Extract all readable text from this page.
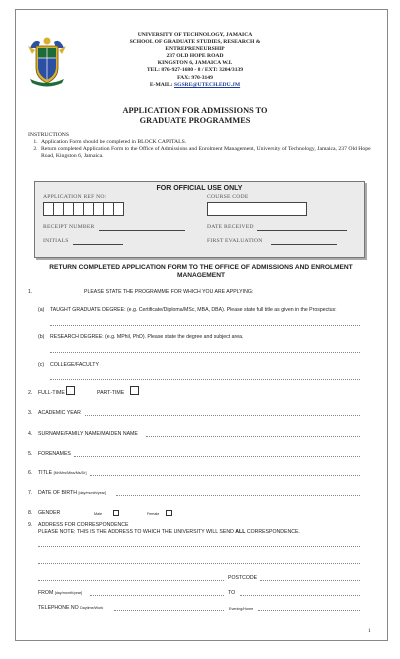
UNIVERSITY OF TECHNOLOGY, JAMAICA
SCHOOL OF GRADUATE STUDIES, RESEARCH &
ENTREPRENEURSHIP
237 OLD HOPE ROAD
KINGSTON 6, JAMAICA W.I.
TEL: 876-927-1680 - 8 / EXT: 3204/3139
FAX: 970-3149
E-MAIL: SGSRE@UTECH.EDU.JM
APPLICATION FOR ADMISSIONS TO
GRADUATE PROGRAMMES
INSTRUCTIONS
1. Application Form should be completed in BLOCK CAPITALS.
2. Return completed Application Form to the Office of Admissions and Enrolment Management, University of Technology, Jamaica, 237 Old Hope Road, Kingston 6, Jamaica.
FOR OFFICIAL USE ONLY
APPLICATION REF NO:	COURSE CODE
RECEIPT NUMBER	DATE RECEIVED
INITIALS	FIRST EVALUATION
RETURN COMPLETED APPLICATION FORM TO THE OFFICE OF ADMISSIONS AND ENROLMENT
MANAGEMENT
1.	PLEASE STATE THE PROGRAMME FOR WHICH YOU ARE APPLYING:
(a) TAUGHT GRADUATE DEGREE: (e.g. Certificate/Diploma/MSc, MBA, DBA). Please state full title as given in the Prospectus:
(b) RESEARCH DEGREE: (e.g. MPhil, PhD). Please state the degree and subject area.
(c) COLLEGE/FACULTY
2. FULL-TIME	PART-TIME
3. ACADEMIC YEAR
4. SURNAME/FAMILY NAME/MAIDEN NAME
5. FORENAMES
6. TITLE [Mr/Mrs/Miss/Ms/Dr]
7. DATE OF BIRTH [day/month/year]
8. GENDER	Male	Female
9. ADDRESS FOR CORRESPONDENCE
PLEASE NOTE: THIS IS THE ADDRESS TO WHICH THE UNIVERSITY WILL SEND ALL CORRESPONDENCE.
POSTCODE
FROM [day/month/year]	TO
TELEPHONE NO Daytime/Work	Evening/Home
1
